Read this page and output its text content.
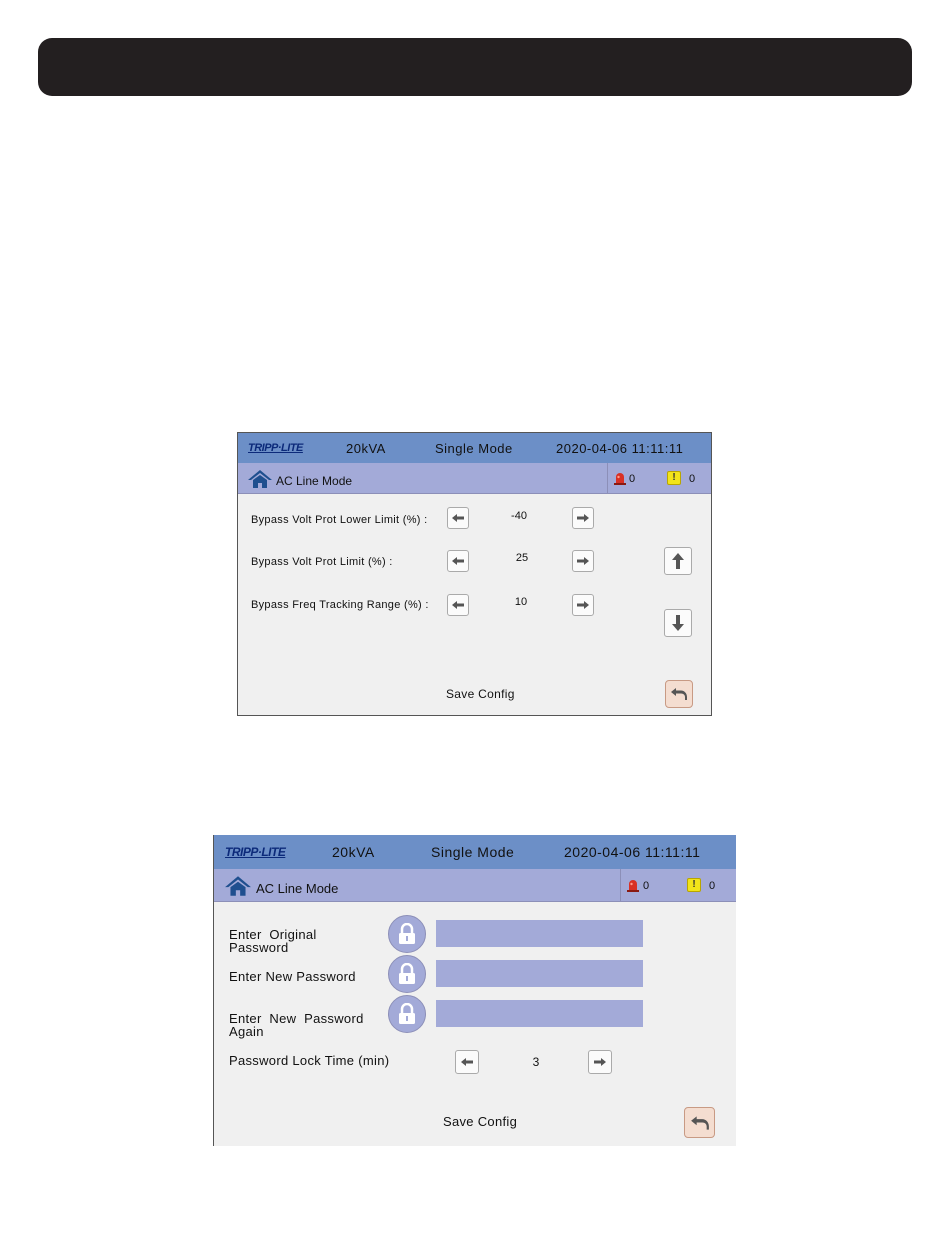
TRIPP·LITE	20kVA	Single Mode	2020-04-06 11:11:11
AC Line Mode	0	!	0
Bypass Volt Prot Lower Limit (%) :	-40
Bypass Volt Prot Limit (%) :	25
Bypass Freq Tracking Range (%) :	10
Save Config
TRIPP·LITE	20kVA	Single Mode	2020-04-06 11:11:11
AC Line Mode	0	!	0
Enter  Original
Password
Enter New Password
Enter  New  Password
Again
Password Lock Time (min)	3
Save Config
